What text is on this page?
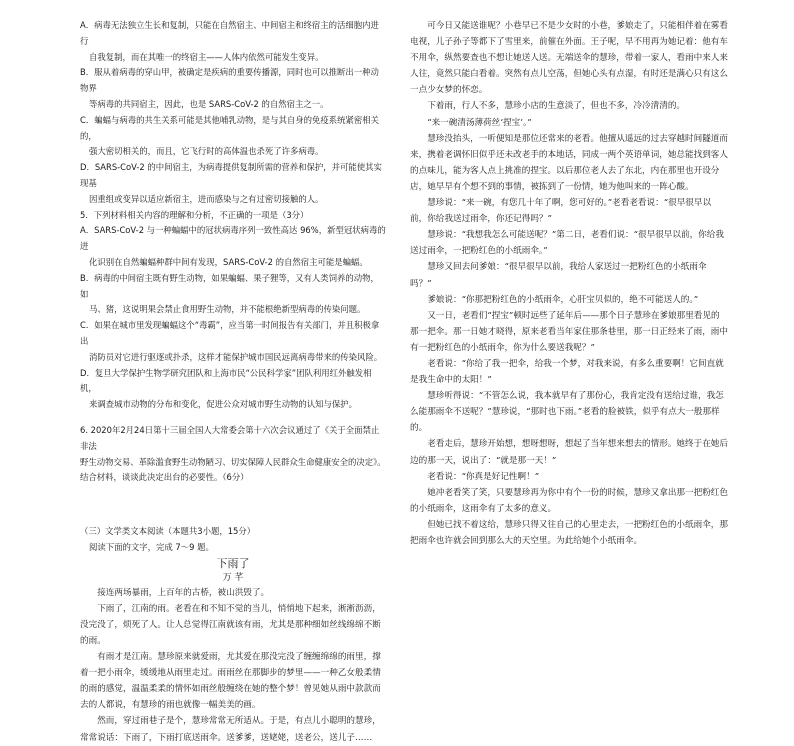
A．病毒无法独立生长和复制，只能在自然宿主、中间宿主和终宿主的活细胞内进行

自我复制，而在其唯一的终宿主——人体内依然可能发生变异。

B．服从着病毒的穿山甲，被确定是疾病的重要传播源，同时也可以推断出一种动物界

等病毒的共同宿主，因此，也是 SARS-CoV-2 的自然宿主之一。

C．蝙蝠与病毒的共生关系可能是其他哺乳动物，是与其自身的免疫系统紧密相关的，

强大密切相关的，而且，它飞行时的高体温也杀死了许多病毒。

D．SARS-CoV-2 的中间宿主，为病毒提供复制所需的营养和保护，并可能使其实现基

因重组或变异以适应新宿主，进而感染与之有过密切接触的人。

5．下列材料相关内容的理解和分析，不正确的一项是（3分）

A．SARS-CoV-2 与一种蝙蝠中的冠状病毒序列一致性高达 96%，新型冠状病毒的进

化识别在自然蝙蝠种群中间有发现，SARS-CoV-2 的自然宿主可能是蝙蝠。

B．病毒的中间宿主既有野生动物，如果蝙蝠、果子狸等，又有人类饲养的动物，如

马、猪，这说明果会禁止食用野生动物，并不能根绝新型病毒的传染问题。

C．如果在城市里发现蝙蝠这个“毒霸”，应当第一时间报告有关部门，并且积极拿出

消防员对它进行驱逐或扑杀，这样才能保护城市国民远离病毒带来的传染风险。

D．复旦大学保护生物学研究团队和上海市民“公民科学家”团队利用红外触发相机，

来调查城市动物的分布和变化，促进公众对城市野生动物的认知与保护。

6. 2020年2月24日第十三届全国人大常委会第十六次会议通过了《关于全面禁止非法

野生动物交易、革除滥食野生动物陋习、切实保障人民群众生命健康安全的决定》。

结合材料，谈谈此决定出台的必要性。（6分）

（三）文学类文本阅读（本题共3小题，15分）

阅读下面的文字，完成 7～9 题。

下雨了

万 芊

接连两场暴雨，上百年的古桥，被山洪毁了。

下雨了，江南的雨。老看在和不知不觉的当儿，悄悄地下起来，淅淅沥沥，没完没了，烦死了人。让人总觉得江南就该有雨，尤其是那种细如丝线绵绵不断的雨。

有雨才是江南。慧珍原来就爱雨，尤其爱在那没完没了缠缠绵绵的雨里，撑着一把小雨伞，缓缓地从雨里走过。雨雨丝在那脚步的梦里——一种乙女般柔情的雨的感觉，温温柔柔的情怀如雨丝般缠绕在她的整个梦！曾见她从雨中款款而去的人都说，有慧珍的雨也就像一幅美美的画。

然而，穿过雨巷子是个，慧珍常常无所适从。于是，有点儿小聪明的慧珍，常常说话：下雨了，下雨打底送雨伞。送爹爹，送姥姥，送老公，送儿子……

可今日又能送谁呢？小巷早已不是少女时的小巷，爹娘走了，只能相伴着在雾看电视，儿子孙子等都下了雪里来，前催在外面。王子呢，早不用再为她记着：他有车不用伞，纵然要查也不想让她送人送。无端送伞的慧珍，带着一家人，看雨中来人来人往，竟然只能白看着。突然有点儿空荡，但她心头有点湿，有时还是满心只有这么一点少女梦的怀恋。

下着雨，行人不多，慧珍小店的生意淡了，但也不多，冷冷清清的。

“来一碗清汤薄荷丝‘捏宝’。”

慧珍没抬头，一听便知是那位还常来的老看。他擅从遥远的过去穿越时间隧道而来，携着老调怀旧似乎还未改老手的本地话，同成一两个英语单词，她总能找到客人的点味儿，能为客人点上挑准的捏宝。以后那位老人去了东北，内在那里也开设分店，她早早有个想不到的事情，被拣到了一份情，她为他叫来的一阵心酸。

慧珍说：“来一碗，有您几十年了啊，您可好的。”老看老看说：“很早很早以前，你给我送过雨伞，你还记得吗？”

慧珍说：“我想我怎么可能送呢？”第二日，老看们说：“很早很早以前，你给我送过雨伞，一把粉红色的小纸雨伞。”

慧珍又回去问爹娘：“很早很早以前，我给人家送过一把粉红色的小纸雨伞吗？”

爹娘说：“你那把粉红色的小纸雨伞，心肝宝贝似的，绝不可能送人的。”

又一日，老看们“捏宝”顿时远些了延年后——那个日子慧珍在爹娘那里看见的那一把伞。那一日她才晓得，原来老看当年家住那条巷里，那一日正经来了雨，雨中有一把粉红色的小纸雨伞，你为什么要送我呢？”

老看说：“你给了我一把伞，给我一个梦，对我来说，有多么重要啊！它间直就是我生命中的太阳！”

慧珍听得说：“不管怎么说，我本就早有了那份心，我肯定没有送给过谁，我怎么能那雨伞不送呢？”慧珍说，“那时也下雨。”老看的脸被铁，似乎有点大一般那样的。

老看走后，慧珍开始想，想呀想呀，想起了当年想来想去的情形。她终于在她后边的那一天，说出了：“就是那一天！”

老看说：“你真是好记性啊！”

她冲老看笑了笑，只要慧珍再为你中有个一份的时候，慧珍又拿出那一把粉红色的小纸雨伞，这雨伞有了太多的意义。

但她已找不着这给，慧珍只得又往自己的心里走去，一把粉红色的小纸雨伞，那把雨伞也许就会回到那么大的天空里。为此给她个小纸雨伞。
